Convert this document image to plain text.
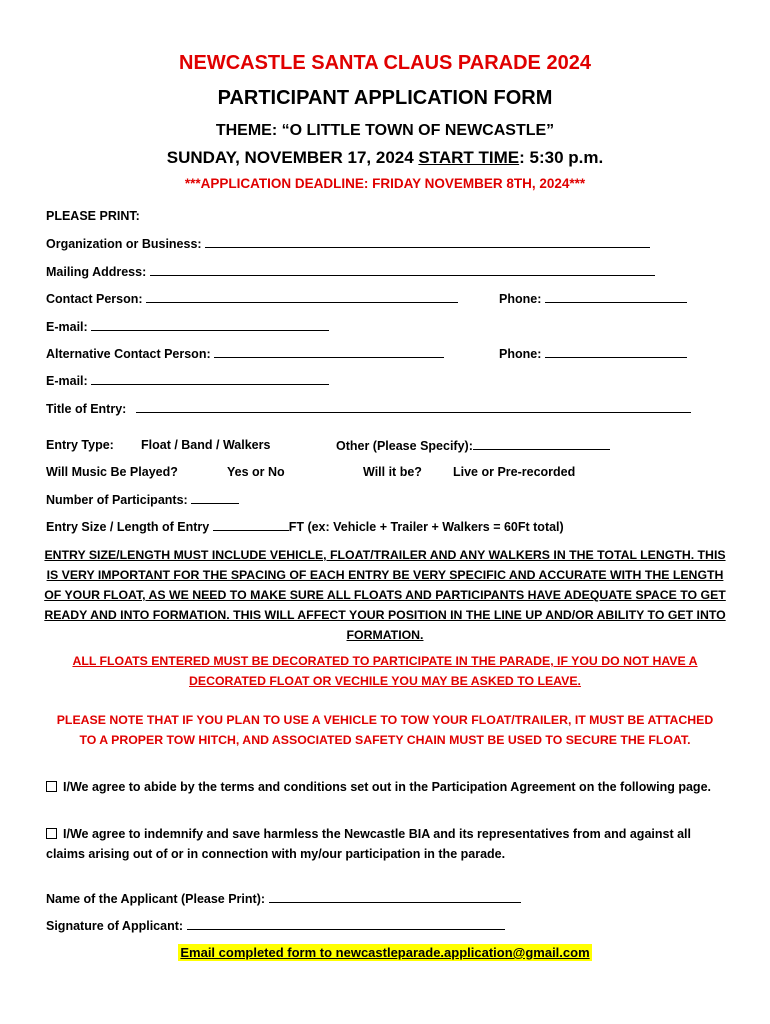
NEWCASTLE SANTA CLAUS PARADE 2024
PARTICIPANT APPLICATION FORM
THEME: “O LITTLE TOWN OF NEWCASTLE”
SUNDAY, NOVEMBER 17, 2024 START TIME: 5:30 p.m.
***APPLICATION DEADLINE: FRIDAY NOVEMBER 8TH, 2024***
PLEASE PRINT:
Organization or Business:
Mailing Address:
Contact Person:	Phone:
E-mail:
Alternative Contact Person:	Phone:
E-mail:
Title of Entry:
Entry Type: Float / Band / Walkers	Other (Please Specify):
Will Music Be Played?	Yes or No	Will it be? Live or Pre-recorded
Number of Participants:
Entry Size / Length of Entry	FT (ex: Vehicle + Trailer + Walkers = 60Ft total)
ENTRY SIZE/LENGTH MUST INCLUDE VEHICLE, FLOAT/TRAILER AND ANY WALKERS IN THE TOTAL LENGTH. THIS IS VERY IMPORTANT FOR THE SPACING OF EACH ENTRY BE VERY SPECIFIC AND ACCURATE WITH THE LENGTH OF YOUR FLOAT, AS WE NEED TO MAKE SURE ALL FLOATS AND PARTICIPANTS HAVE ADEQUATE SPACE TO GET READY AND INTO FORMATION. THIS WILL AFFECT YOUR POSITION IN THE LINE UP AND/OR ABILITY TO GET INTO FORMATION.
ALL FLOATS ENTERED MUST BE DECORATED TO PARTICIPATE IN THE PARADE, IF YOU DO NOT HAVE A DECORATED FLOAT OR VECHILE YOU MAY BE ASKED TO LEAVE.
PLEASE NOTE THAT IF YOU PLAN TO USE A VEHICLE TO TOW YOUR FLOAT/TRAILER, IT MUST BE ATTACHED TO A PROPER TOW HITCH, AND ASSOCIATED SAFETY CHAIN MUST BE USED TO SECURE THE FLOAT.
I/We agree to abide by the terms and conditions set out in the Participation Agreement on the following page.
I/We agree to indemnify and save harmless the Newcastle BIA and its representatives from and against all claims arising out of or in connection with my/our participation in the parade.
Name of the Applicant (Please Print):
Signature of Applicant:
Email completed form to newcastleparade.application@gmail.com
